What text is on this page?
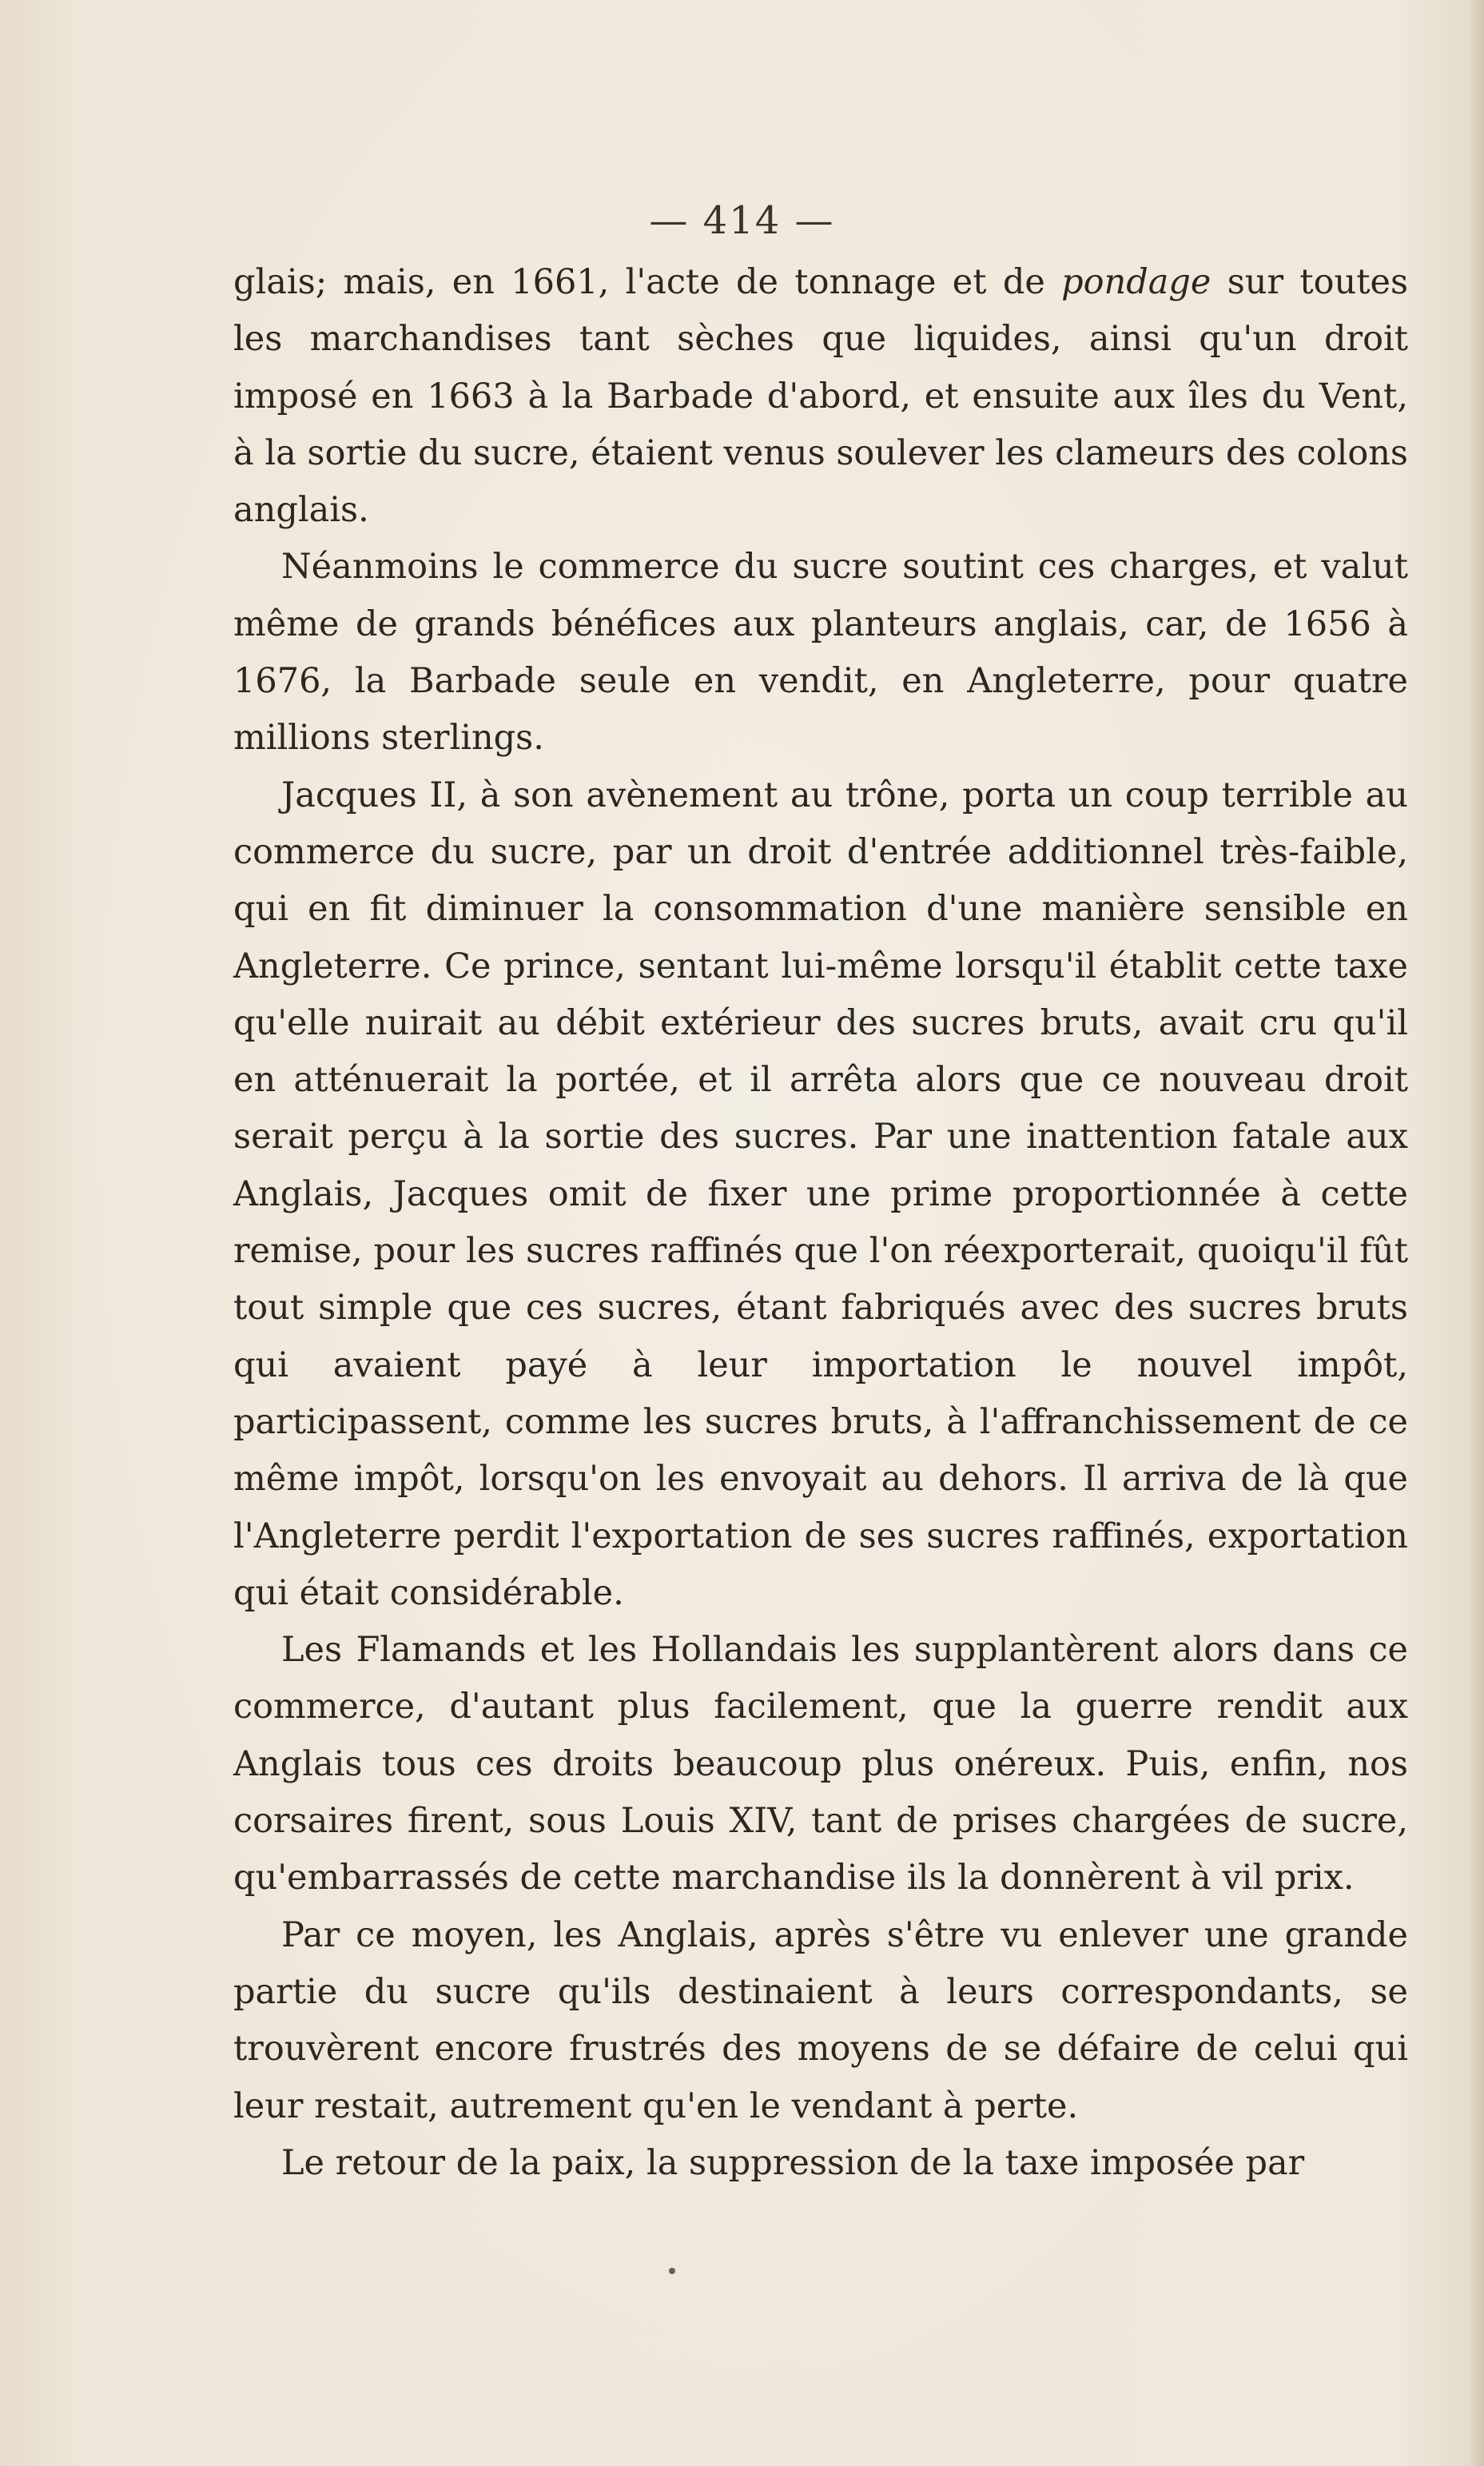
— 414 —

glais; mais, en 1661, l'acte de tonnage et de pondage sur toutes les marchandises tant sèches que liquides, ainsi qu'un droit imposé en 1663 à la Barbade d'abord, et ensuite aux îles du Vent, à la sortie du sucre, étaient venus soulever les clameurs des colons anglais.

Néanmoins le commerce du sucre soutint ces charges, et valut même de grands bénéfices aux planteurs anglais, car, de 1656 à 1676, la Barbade seule en vendit, en Angleterre, pour quatre millions sterlings.

Jacques II, à son avènement au trône, porta un coup terrible au commerce du sucre, par un droit d'entrée additionnel très-faible, qui en fit diminuer la consommation d'une manière sensible en Angleterre. Ce prince, sentant lui-même lorsqu'il établit cette taxe qu'elle nuirait au débit extérieur des sucres bruts, avait cru qu'il en atténuerait la portée, et il arrêta alors que ce nouveau droit serait perçu à la sortie des sucres. Par une inattention fatale aux Anglais, Jacques omit de fixer une prime proportionnée à cette remise, pour les sucres raffinés que l'on réexporterait, quoiqu'il fût tout simple que ces sucres, étant fabriqués avec des sucres bruts qui avaient payé à leur importation le nouvel impôt, participassent, comme les sucres bruts, à l'affranchissement de ce même impôt, lorsqu'on les envoyait au dehors. Il arriva de là que l'Angleterre perdit l'exportation de ses sucres raffinés, exportation qui était considérable.

Les Flamands et les Hollandais les supplantèrent alors dans ce commerce, d'autant plus facilement, que la guerre rendit aux Anglais tous ces droits beaucoup plus onéreux. Puis, enfin, nos corsaires firent, sous Louis XIV, tant de prises chargées de sucre, qu'embarrassés de cette marchandise ils la donnèrent à vil prix.

Par ce moyen, les Anglais, après s'être vu enlever une grande partie du sucre qu'ils destinaient à leurs correspondants, se trouvèrent encore frustrés des moyens de se défaire de celui qui leur restait, autrement qu'en le vendant à perte.

Le retour de la paix, la suppression de la taxe imposée par
